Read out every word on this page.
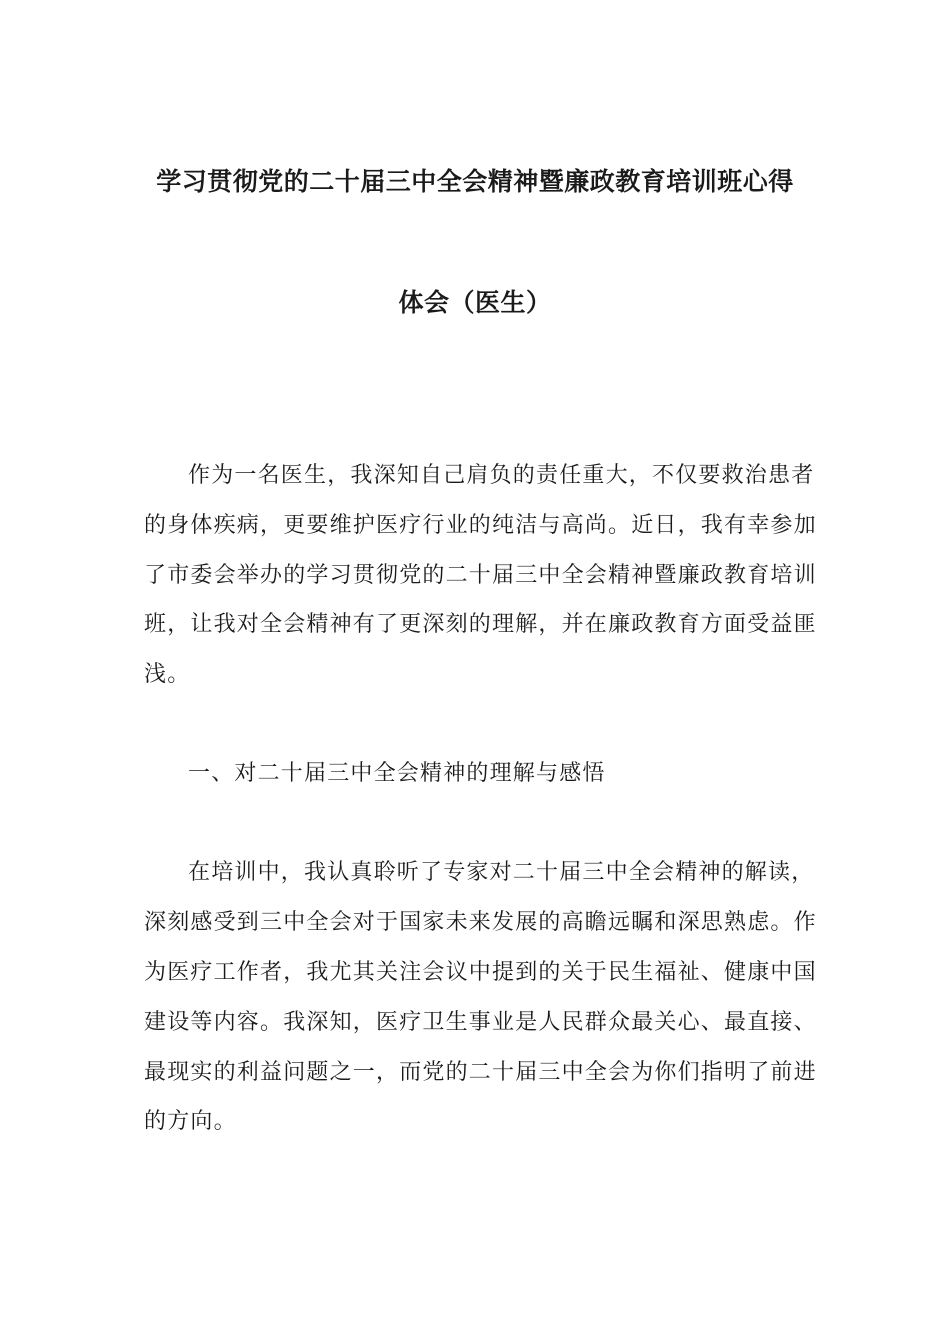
学习贯彻党的二十届三中全会精神暨廉政教育培训班心得
体会（医生）
作为一名医生，我深知自己肩负的责任重大，不仅要救治患者
的身体疾病，更要维护医疗行业的纯洁与高尚。近日，我有幸参加
了市委会举办的学习贯彻党的二十届三中全会精神暨廉政教育培训
班，让我对全会精神有了更深刻的理解，并在廉政教育方面受益匪
浅。
一、对二十届三中全会精神的理解与感悟
在培训中，我认真聆听了专家对二十届三中全会精神的解读，
深刻感受到三中全会对于国家未来发展的高瞻远瞩和深思熟虑。作
为医疗工作者，我尤其关注会议中提到的关于民生福祉、健康中国
建设等内容。我深知，医疗卫生事业是人民群众最关心、最直接、
最现实的利益问题之一，而党的二十届三中全会为你们指明了前进
的方向。
